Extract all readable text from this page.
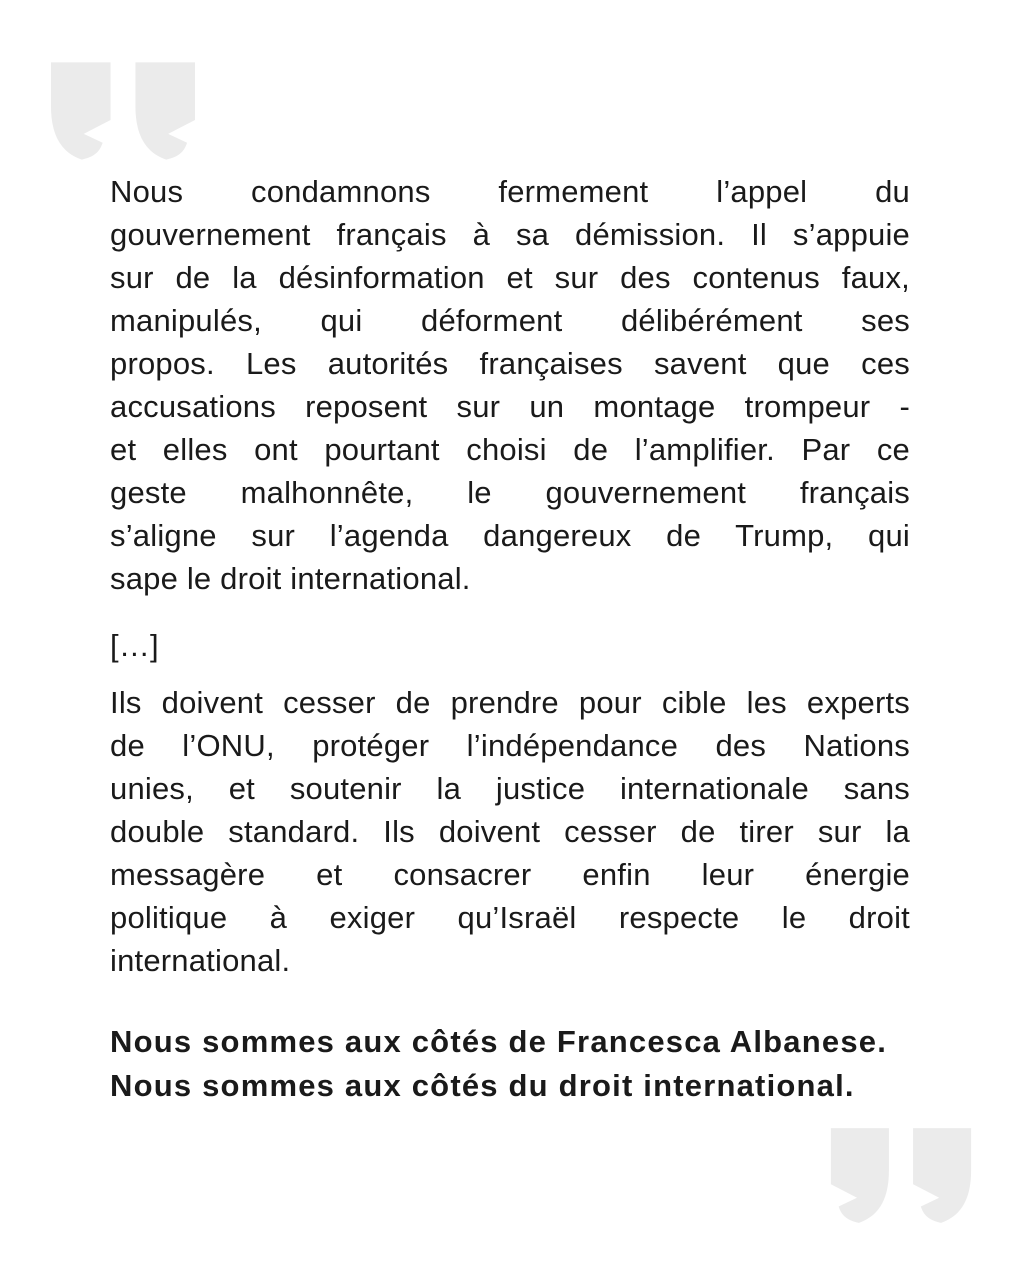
Nous condamnons fermement l’appel du
gouvernement français à sa démission. Il s’appuie
sur de la désinformation et sur des contenus faux,
manipulés, qui déforment délibérément ses
propos. Les autorités françaises savent que ces
accusations reposent sur un montage trompeur -
et elles ont pourtant choisi de l’amplifier. Par ce
geste malhonnête, le gouvernement français
s’aligne sur l’agenda dangereux de Trump, qui
sape le droit international.
[…]
Ils doivent cesser de prendre pour cible les experts
de l’ONU, protéger l’indépendance des Nations
unies, et soutenir la justice internationale sans
double standard. Ils doivent cesser de tirer sur la
messagère et consacrer enfin leur énergie
politique à exiger qu’Israël respecte le droit
international.
Nous sommes aux côtés de Francesca Albanese.
Nous sommes aux côtés du droit international.
